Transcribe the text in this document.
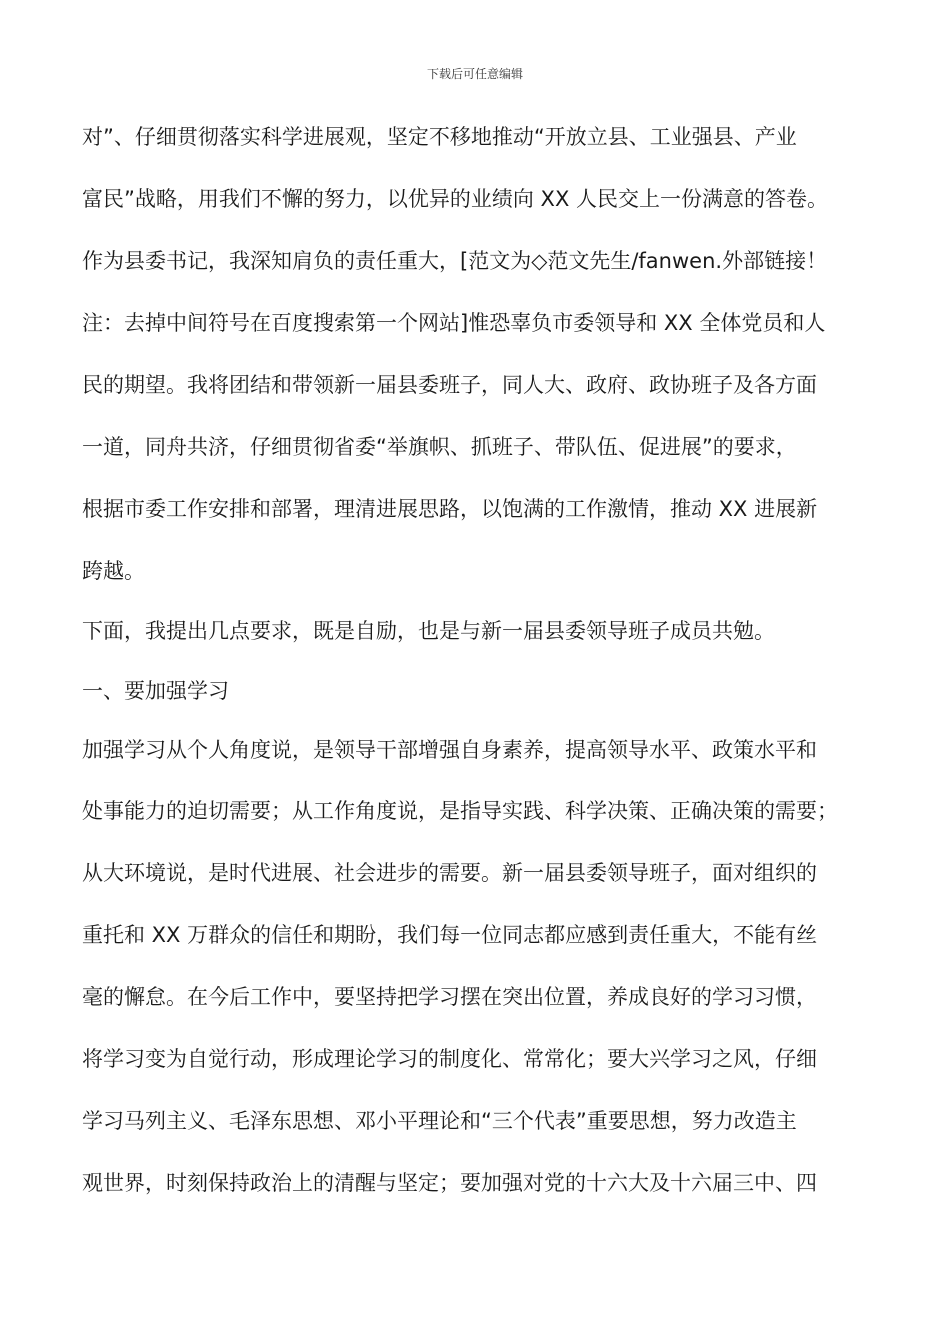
下载后可任意编辑
对”、仔细贯彻落实科学进展观，坚定不移地推动“开放立县、工业强县、产业
富民”战略，用我们不懈的努力，以优异的业绩向 XX 人民交上一份满意的答卷。
作为县委书记，我深知肩负的责任重大，[范文为◇范文先生/fanwen.外部链接！
注：去掉中间符号在百度搜索第一个网站]惟恐辜负市委领导和 XX 全体党员和人
民的期望。我将团结和带领新一届县委班子，同人大、政府、政协班子及各方面
一道，同舟共济，仔细贯彻省委“举旗帜、抓班子、带队伍、促进展”的要求，
根据市委工作安排和部署，理清进展思路，以饱满的工作激情，推动 XX 进展新
跨越。
下面，我提出几点要求，既是自励，也是与新一届县委领导班子成员共勉。
一、要加强学习
加强学习从个人角度说，是领导干部增强自身素养，提高领导水平、政策水平和
处事能力的迫切需要；从工作角度说，是指导实践、科学决策、正确决策的需要；
从大环境说，是时代进展、社会进步的需要。新一届县委领导班子，面对组织的
重托和 XX 万群众的信任和期盼，我们每一位同志都应感到责任重大，不能有丝
毫的懈怠。在今后工作中，要坚持把学习摆在突出位置，养成良好的学习习惯，
将学习变为自觉行动，形成理论学习的制度化、常常化；要大兴学习之风，仔细
学习马列主义、毛泽东思想、邓小平理论和“三个代表”重要思想，努力改造主
观世界，时刻保持政治上的清醒与坚定；要加强对党的十六大及十六届三中、四
